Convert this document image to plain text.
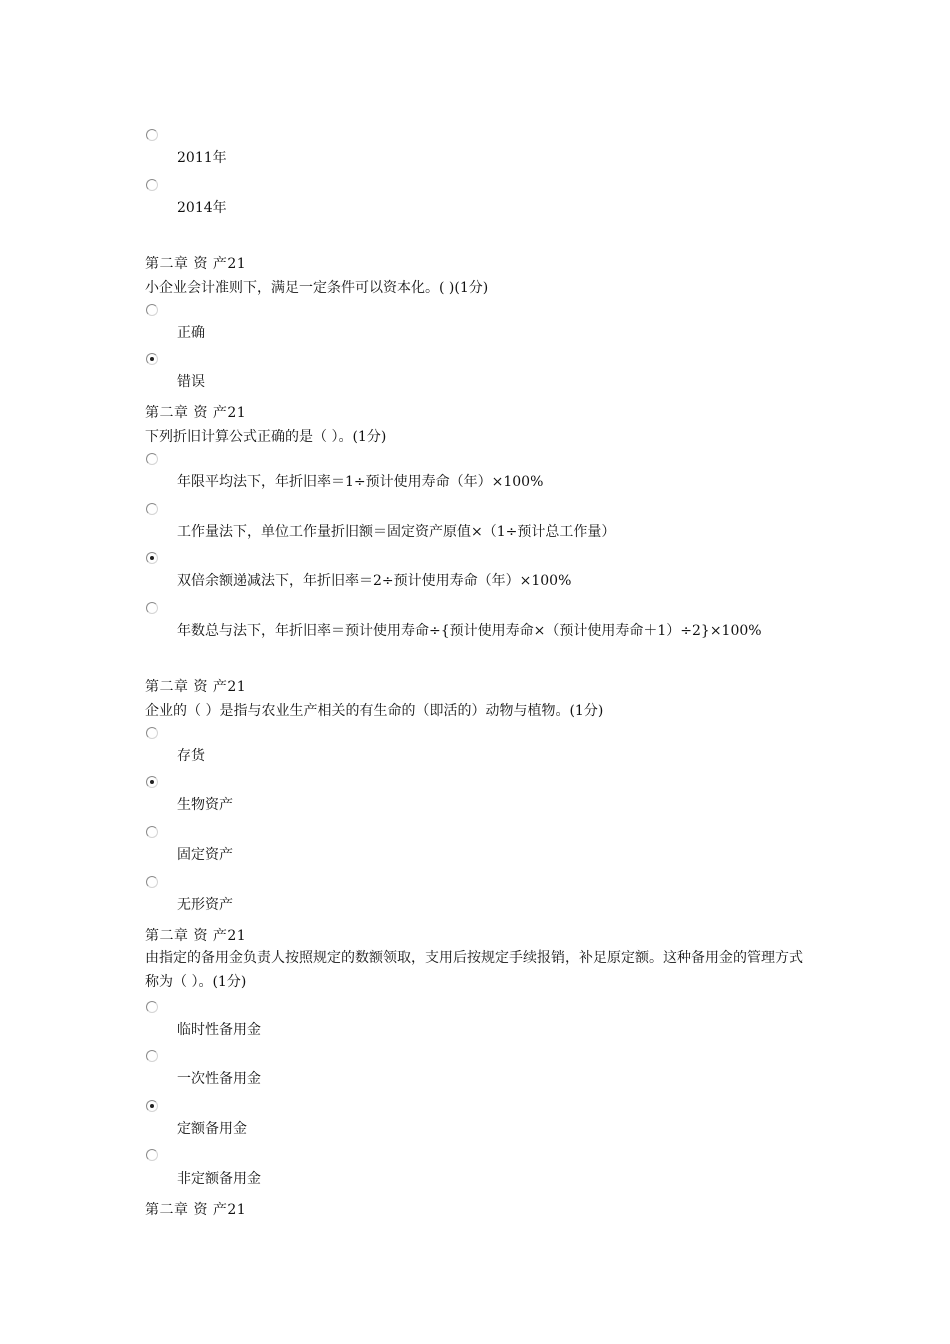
2011年
2014年
第二章 资 产21
小企业会计准则下，满足一定条件可以资本化。( )(1分)
正确
错误
第二章 资 产21
下列折旧计算公式正确的是（ ）。(1分)
年限平均法下，年折旧率＝1÷预计使用寿命（年）×100%
工作量法下，单位工作量折旧额＝固定资产原值×（1÷预计总工作量）
双倍余额递减法下，年折旧率＝2÷预计使用寿命（年）×100%
年数总与法下，年折旧率＝预计使用寿命÷{预计使用寿命×（预计使用寿命＋1）÷2}×100%
第二章 资 产21
企业的（ ）是指与农业生产相关的有生命的（即活的）动物与植物。(1分)
存货
生物资产
固定资产
无形资产
第二章 资 产21
由指定的备用金负责人按照规定的数额领取，支用后按规定手续报销，补足原定额。这种备用金的管理方式称为（ ）。(1分)
临时性备用金
一次性备用金
定额备用金
非定额备用金
第二章 资 产21
